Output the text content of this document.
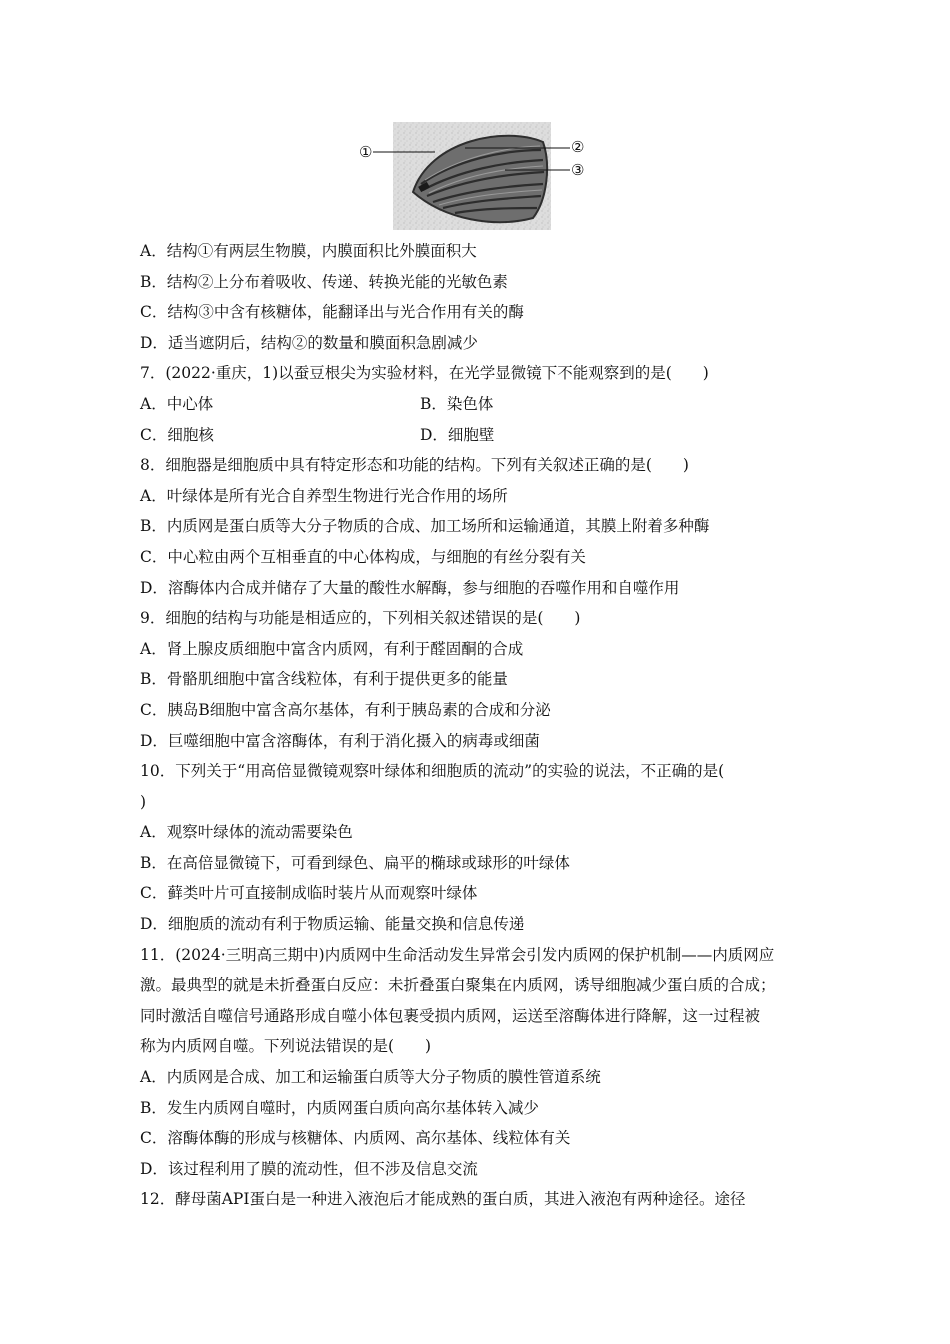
①	②
③
A．结构①有两层生物膜，内膜面积比外膜面积大
B．结构②上分布着吸收、传递、转换光能的光敏色素
C．结构③中含有核糖体，能翻译出与光合作用有关的酶
D．适当遮阴后，结构②的数量和膜面积急剧减少
7．(2022·重庆，1)以蚕豆根尖为实验材料，在光学显微镜下不能观察到的是(　　)
A．中心体	B．染色体
C．细胞核	D．细胞壁
8．细胞器是细胞质中具有特定形态和功能的结构。下列有关叙述正确的是(　　)
A．叶绿体是所有光合自养型生物进行光合作用的场所
B．内质网是蛋白质等大分子物质的合成、加工场所和运输通道，其膜上附着多种酶
C．中心粒由两个互相垂直的中心体构成，与细胞的有丝分裂有关
D．溶酶体内合成并储存了大量的酸性水解酶，参与细胞的吞噬作用和自噬作用
9．细胞的结构与功能是相适应的，下列相关叙述错误的是(　　)
A．肾上腺皮质细胞中富含内质网，有利于醛固酮的合成
B．骨骼肌细胞中富含线粒体，有利于提供更多的能量
C．胰岛B细胞中富含高尔基体，有利于胰岛素的合成和分泌
D．巨噬细胞中富含溶酶体，有利于消化摄入的病毒或细菌
10．下列关于“用高倍显微镜观察叶绿体和细胞质的流动”的实验的说法，不正确的是(
)
A．观察叶绿体的流动需要染色
B．在高倍显微镜下，可看到绿色、扁平的椭球或球形的叶绿体
C．藓类叶片可直接制成临时装片从而观察叶绿体
D．细胞质的流动有利于物质运输、能量交换和信息传递
11．(2024·三明高三期中)内质网中生命活动发生异常会引发内质网的保护机制——内质网应
激。最典型的就是未折叠蛋白反应：未折叠蛋白聚集在内质网，诱导细胞减少蛋白质的合成；
同时激活自噬信号通路形成自噬小体包裹受损内质网，运送至溶酶体进行降解，这一过程被
称为内质网自噬。下列说法错误的是(　　)
A．内质网是合成、加工和运输蛋白质等大分子物质的膜性管道系统
B．发生内质网自噬时，内质网蛋白质向高尔基体转入减少
C．溶酶体酶的形成与核糖体、内质网、高尔基体、线粒体有关
D．该过程利用了膜的流动性，但不涉及信息交流
12．酵母菌API蛋白是一种进入液泡后才能成熟的蛋白质，其进入液泡有两种途径。途径
